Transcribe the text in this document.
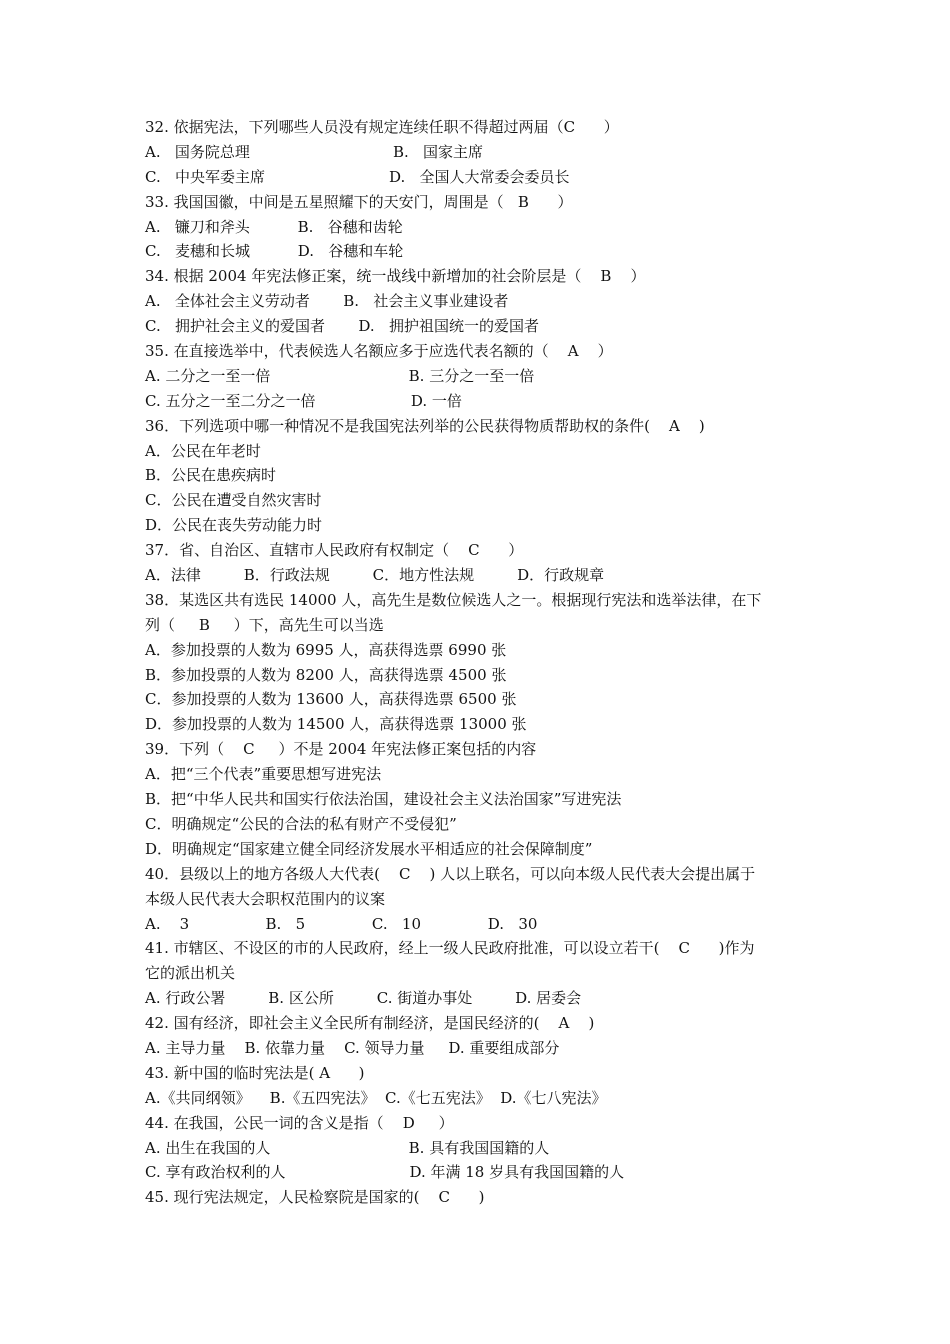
32. 依据宪法，下列哪些人员没有规定连续任职不得超过两届（C      ）
A.   国务院总理                              B.   国家主席
C.   中央军委主席                          D.   全国人大常委会委员长
33. 我国国徽，中间是五星照耀下的天安门，周围是（   B      ）
A.   镰刀和斧头          B.   谷穗和齿轮
C.   麦穗和长城          D.   谷穗和车轮
34. 根据 2004 年宪法修正案，统一战线中新增加的社会阶层是（    B    ）
A.   全体社会主义劳动者       B.   社会主义事业建设者
C.   拥护社会主义的爱国者       D.   拥护祖国统一的爱国者
35. 在直接选举中，代表候选人名额应多于应选代表名额的（    A    ）
A. 二分之一至一倍                             B. 三分之一至一倍
C. 五分之一至二分之一倍                    D. 一倍
36．下列选项中哪一种情况不是我国宪法列举的公民获得物质帮助权的条件(    A    )
A．公民在年老时
B．公民在患疾病时
C．公民在遭受自然灾害时
D．公民在丧失劳动能力时
37．省、自治区、直辖市人民政府有权制定（    C      ）
A．法律         B．行政法规         C．地方性法规         D．行政规章
38．某选区共有选民 14000 人，高先生是数位候选人之一。根据现行宪法和选举法律，在下
列（     B     ）下，高先生可以当选
A．参加投票的人数为 6995 人，高获得选票 6990 张
B．参加投票的人数为 8200 人，高获得选票 4500 张
C．参加投票的人数为 13600 人，高获得选票 6500 张
D．参加投票的人数为 14500 人，高获得选票 13000 张
39．下列（    C     ）不是 2004 年宪法修正案包括的内容
A．把“三个代表”重要思想写进宪法
B．把“中华人民共和国实行依法治国，建设社会主义法治国家”写进宪法
C．明确规定“公民的合法的私有财产不受侵犯”
D．明确规定“国家建立健全同经济发展水平相适应的社会保障制度”
40．县级以上的地方各级人大代表(    C    ) 人以上联名，可以向本级人民代表大会提出属于
本级人民代表大会职权范围内的议案
A.    3                B.   5              C.   10              D.   30
41. 市辖区、不设区的市的人民政府，经上一级人民政府批准，可以设立若干(    C      )作为
它的派出机关
A. 行政公署         B. 区公所         C. 街道办事处         D. 居委会
42. 国有经济，即社会主义全民所有制经济，是国民经济的(    A    )
A. 主导力量    B. 依靠力量    C. 领导力量     D. 重要组成部分
43. 新中国的临时宪法是( A      )
A.《共同纲领》    B.《五四宪法》  C.《七五宪法》  D.《七八宪法》
44. 在我国，公民一词的含义是指（    D     ）
A. 出生在我国的人                             B. 具有我国国籍的人
C. 享有政治权利的人                          D. 年满 18 岁具有我国国籍的人
45. 现行宪法规定，人民检察院是国家的(    C      )
